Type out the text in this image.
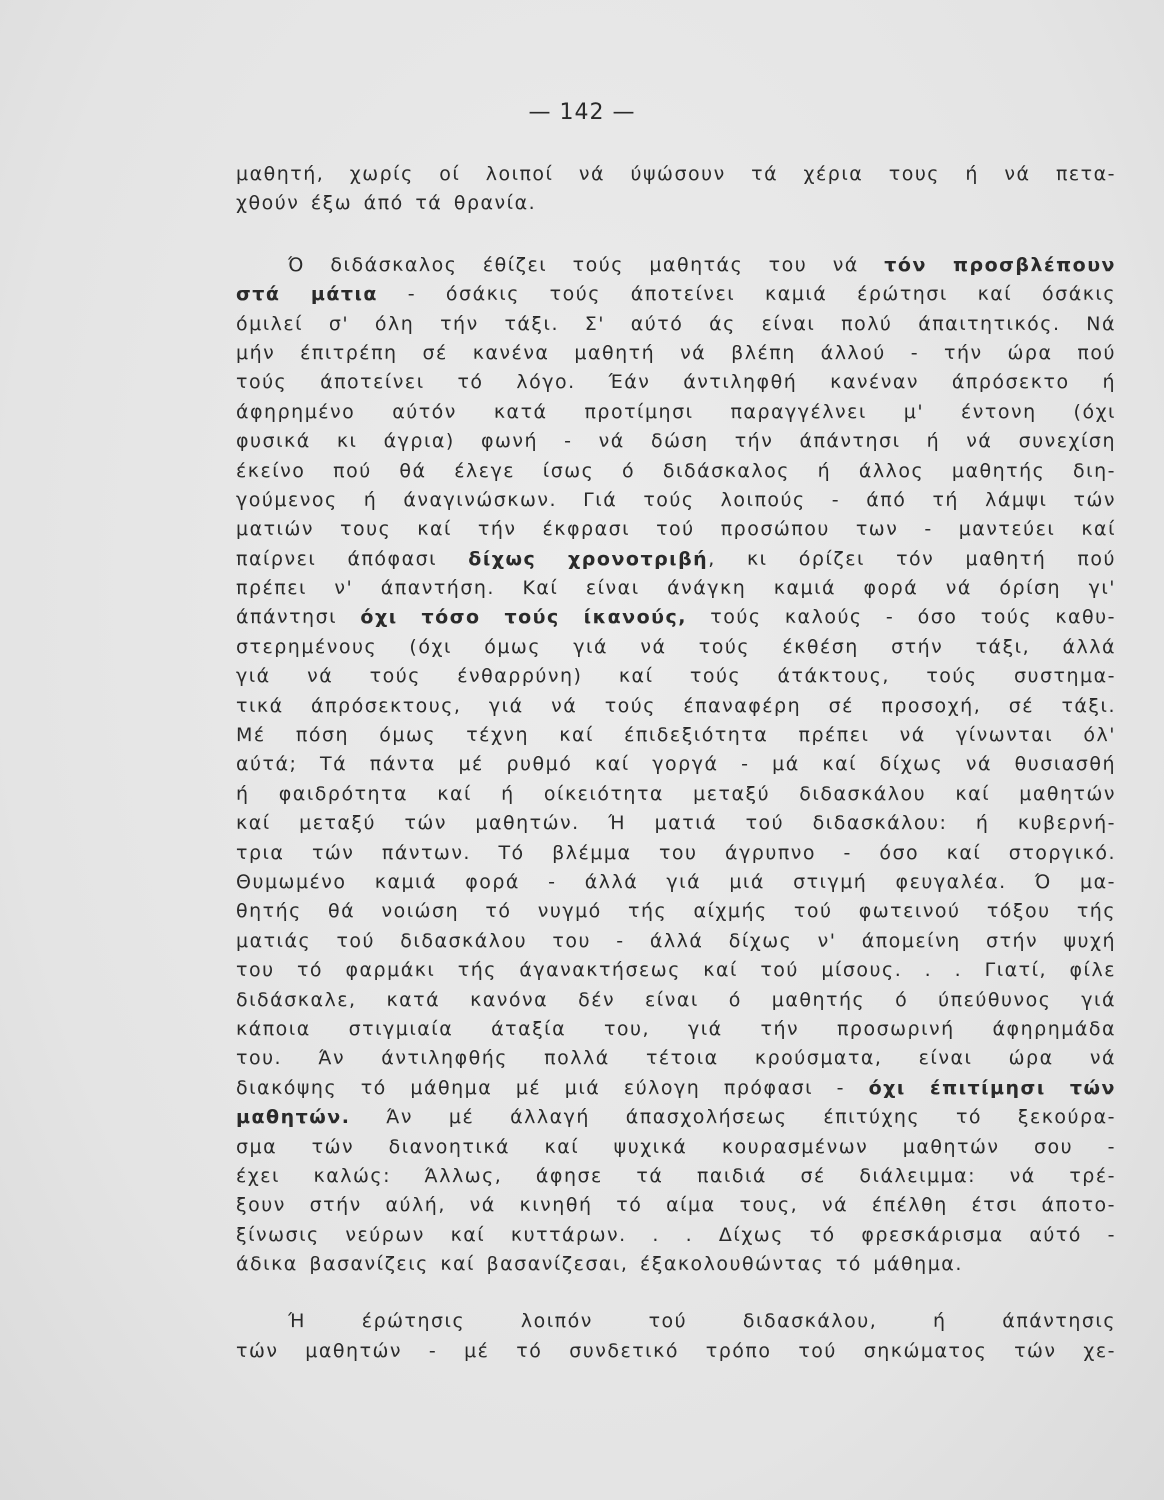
— 142 —
μαθητή, χωρίς οί λοιποί νά ύψώσουν τά χέρια τους ή νά πετα-
χθούν έξω άπό τά θρανία.
Ό διδάσκαλος έθίζει τούς μαθητάς του νά τόν προσβλέπουν
στά μάτια - όσάκις τούς άποτείνει καμιά έρώτησι καί όσάκις
όμιλεί σ' όλη τήν τάξι. Σ' αύτό άς είναι πολύ άπαιτητικός. Νά
μήν έπιτρέπη σέ κανένα μαθητή νά βλέπη άλλού - τήν ώρα πού
τούς άποτείνει τό λόγο. Έάν άντιληφθή κανέναν άπρόσεκτο ή
άφηρημένο αύτόν κατά προτίμησι παραγγέλνει μ' έντονη (όχι
φυσικά κι άγρια) φωνή - νά δώση τήν άπάντησι ή νά συνεχίση
έκείνο πού θά έλεγε ίσως ό διδάσκαλος ή άλλος μαθητής διη-
γούμενος ή άναγινώσκων. Γιά τούς λοιπούς - άπό τή λάμψι τών
ματιών τους καί τήν έκφρασι τού προσώπου των - μαντεύει καί
παίρνει άπόφασι δίχως χρονοτριβή, κι όρίζει τόν μαθητή πού
πρέπει ν' άπαντήση. Καί είναι άνάγκη καμιά φορά νά όρίση γι'
άπάντησι όχι τόσο τούς ίκανούς, τούς καλούς - όσο τούς καθυ-
στερημένους (όχι όμως γιά νά τούς έκθέση στήν τάξι, άλλά
γιά νά τούς ένθαρρύνη) καί τούς άτάκτους, τούς συστημα-
τικά άπρόσεκτους, γιά νά τούς έπαναφέρη σέ προσοχή, σέ τάξι.
Μέ πόση όμως τέχνη καί έπιδεξιότητα πρέπει νά γίνωνται όλ'
αύτά; Τά πάντα μέ ρυθμό καί γοργά - μά καί δίχως νά θυσιασθή
ή φαιδρότητα καί ή οίκειότητα μεταξύ διδασκάλου καί μαθητών
καί μεταξύ τών μαθητών. Ή ματιά τού διδασκάλου: ή κυβερνή-
τρια τών πάντων. Τό βλέμμα του άγρυπνο - όσο καί στοργικό.
Θυμωμένο καμιά φορά - άλλά γιά μιά στιγμή φευγαλέα. Ό μα-
θητής θά νοιώση τό νυγμό τής αίχμής τού φωτεινού τόξου τής
ματιάς τού διδασκάλου του - άλλά δίχως ν' άπομείνη στήν ψυχή
του τό φαρμάκι τής άγανακτήσεως καί τού μίσους. . . Γιατί, φίλε
διδάσκαλε, κατά κανόνα δέν είναι ό μαθητής ό ύπεύθυνος γιά
κάποια στιγμιαία άταξία του, γιά τήν προσωρινή άφηρημάδα
του. Άν άντιληφθής πολλά τέτοια κρούσματα, είναι ώρα νά
διακόψης τό μάθημα μέ μιά εύλογη πρόφασι - όχι έπιτίμησι τών
μαθητών. Άν μέ άλλαγή άπασχολήσεως έπιτύχης τό ξεκούρα-
σμα τών διανοητικά καί ψυχικά κουρασμένων μαθητών σου -
έχει καλώς: Άλλως, άφησε τά παιδιά σέ διάλειμμα: νά τρέ-
ξουν στήν αύλή, νά κινηθή τό αίμα τους, νά έπέλθη έτσι άποτο-
ξίνωσις νεύρων καί κυττάρων. . . Δίχως τό φρεσκάρισμα αύτό -
άδικα βασανίζεις καί βασανίζεσαι, έξακολουθώντας τό μάθημα.
Ή έρώτησις λοιπόν τού διδασκάλου, ή άπάντησις
τών μαθητών - μέ τό συνδετικό τρόπο τού σηκώματος τών χε-
